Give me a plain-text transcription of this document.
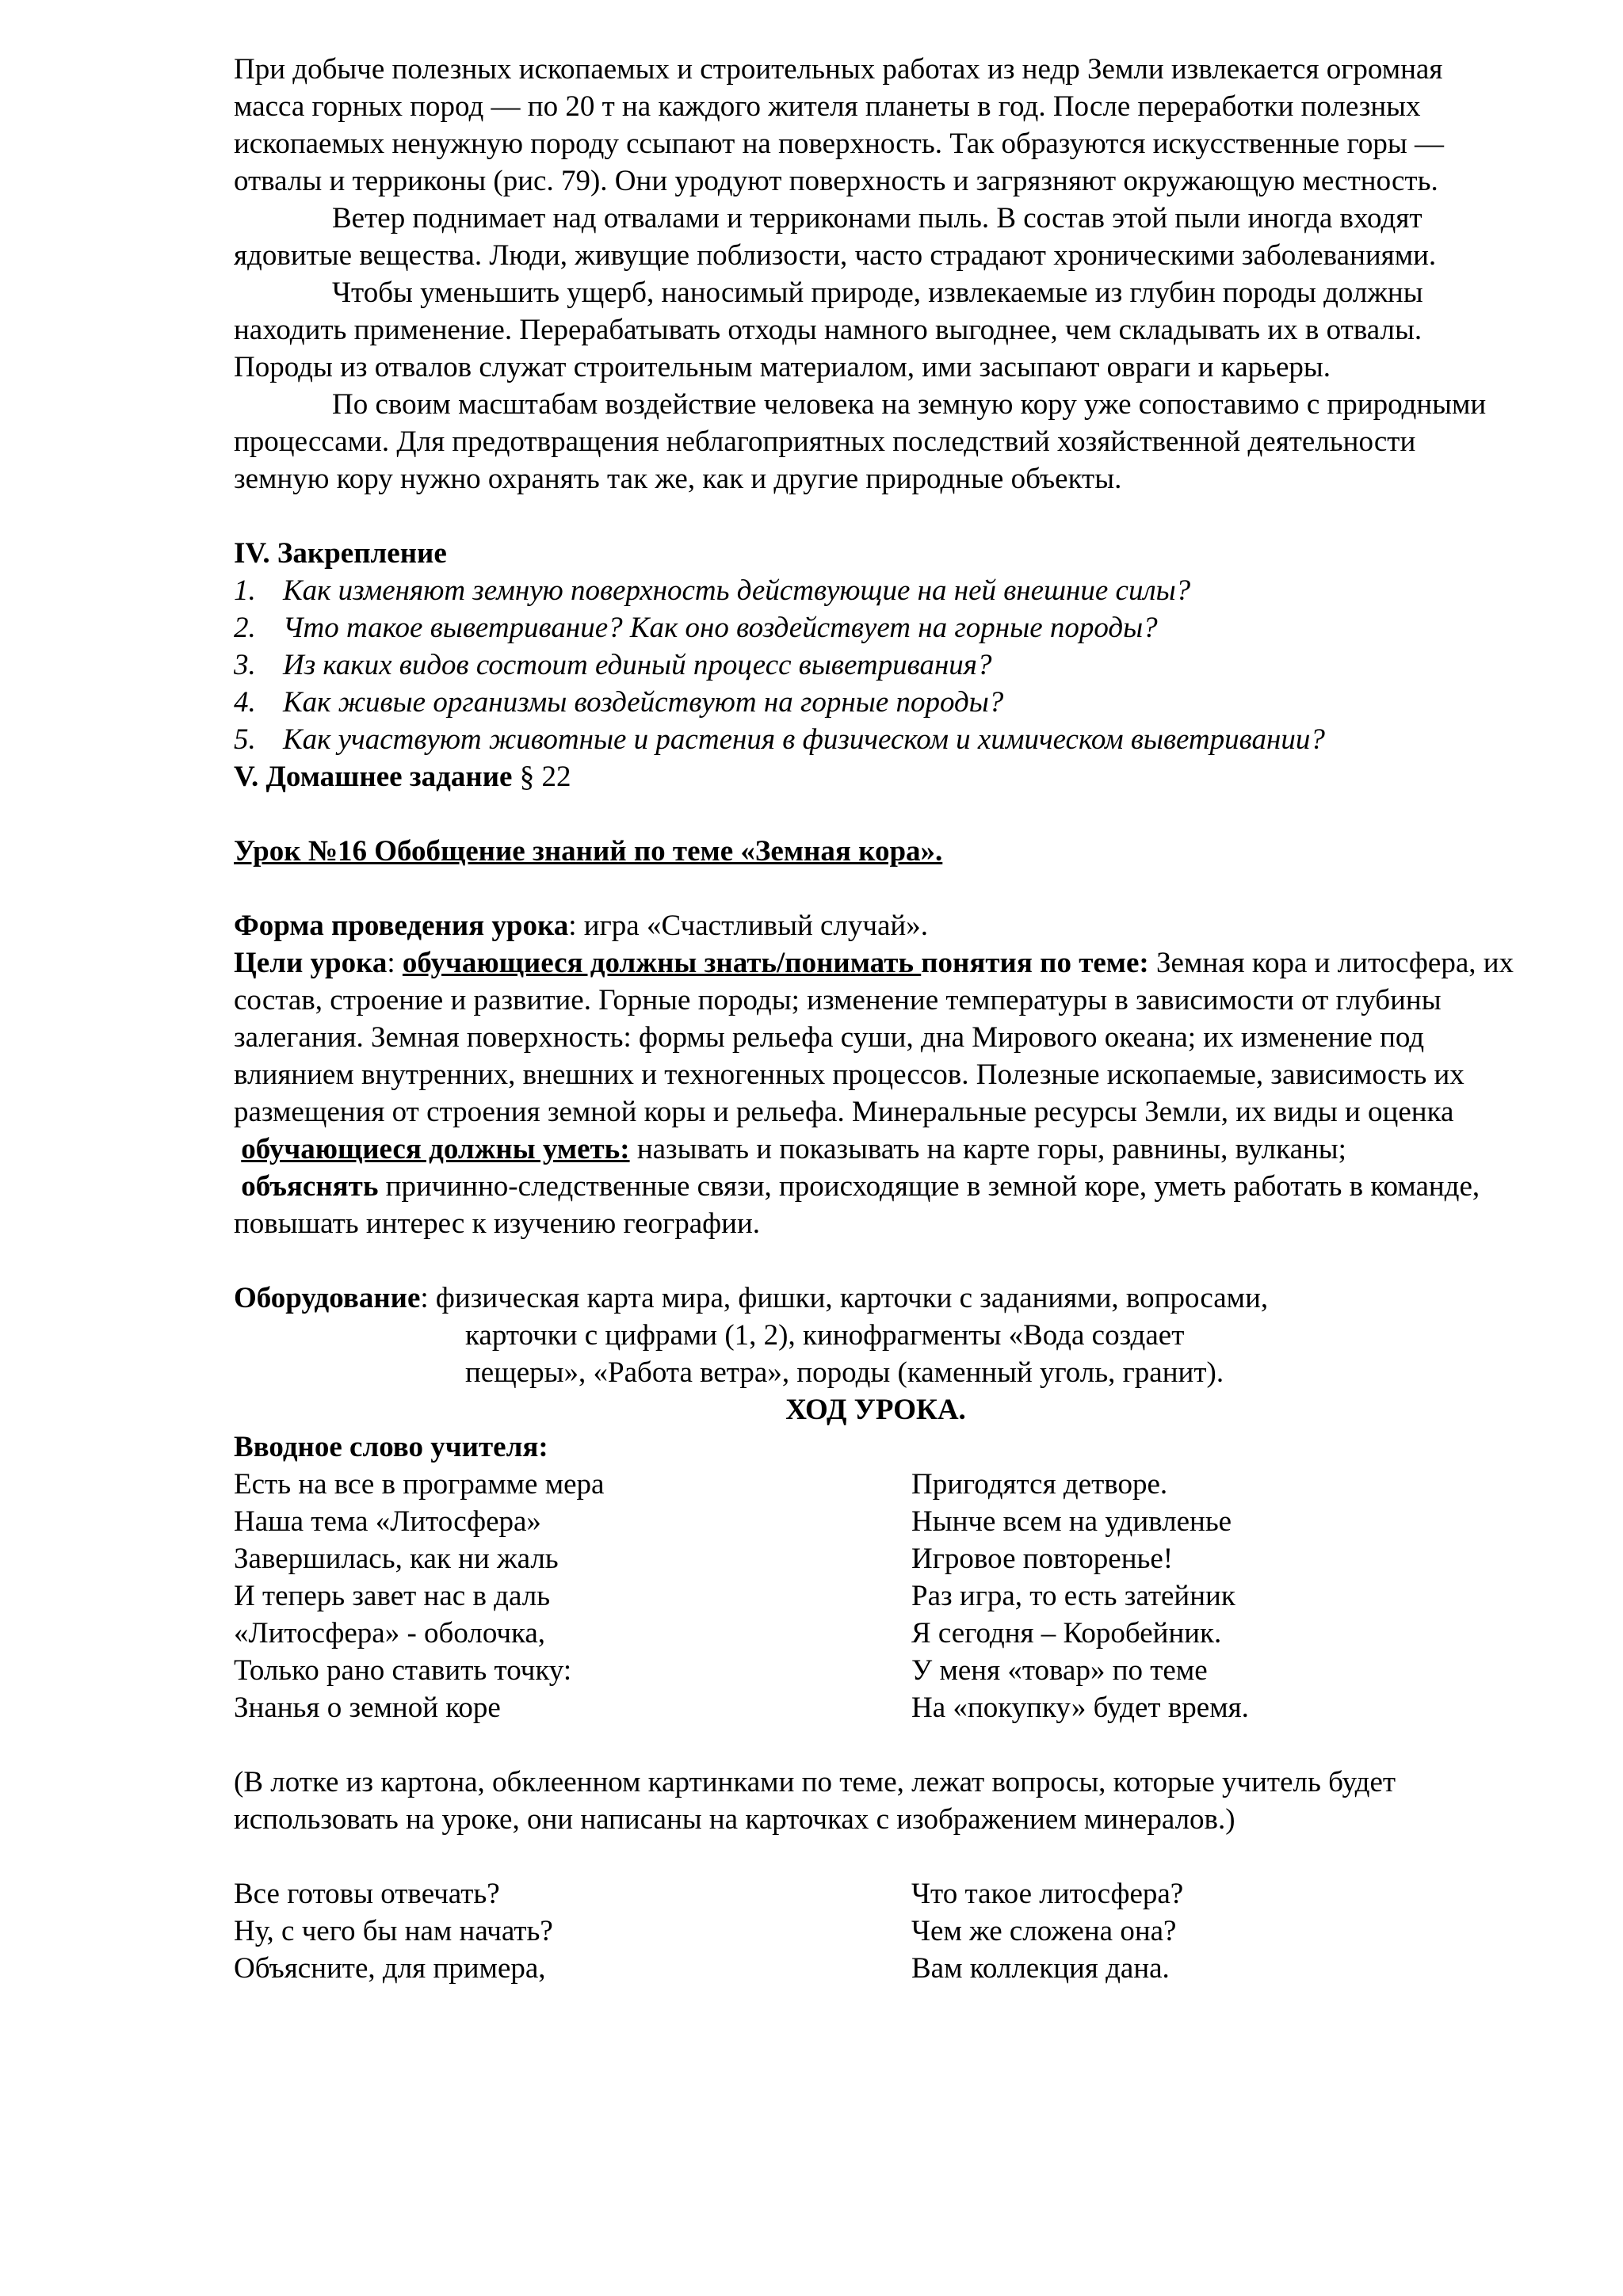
При добыче полезных ископаемых и строительных работах из недр Земли извлекается огромная масса горных пород — по 20 т на каждого жителя планеты в год. После переработки полезных ископаемых ненужную породу ссыпают на поверхность. Так образуются искусственные горы — отвалы и терриконы (рис. 79). Они уродуют поверхность и загрязняют окружающую местность.

Ветер поднимает над отвалами и терриконами пыль. В состав этой пыли иногда входят ядовитые вещества. Люди, живущие поблизости, часто страдают хроническими заболеваниями.

Чтобы уменьшить ущерб, наносимый природе, извлекаемые из глубин породы должны находить применение. Перерабатывать отходы намного выгоднее, чем складывать их в отвалы. Породы из отвалов служат строительным материалом, ими засыпают овраги и карьеры.

По своим масштабам воздействие человека на земную кору уже сопоставимо с природными процессами. Для предотвращения неблагоприятных последствий хозяйственной деятельности земную кору нужно охранять так же, как и другие природные объекты.

IV. Закрепление

1. Как изменяют земную поверхность действующие на ней внешние силы?
2. Что такое выветривание? Как оно воздействует на горные породы?
3. Из каких видов состоит единый процесс выветривания?
4. Как живые организмы воздействуют на горные породы?
5. Как участвуют животные и растения в физическом и химическом выветривании?

V. Домашнее задание § 22

Урок №16 Обобщение знаний по теме «Земная кора».

Форма проведения урока: игра «Счастливый случай».

Цели урока: обучающиеся должны знать/понимать понятия по теме: Земная кора и литосфера, их состав, строение и развитие. Горные породы; изменение температуры в зависимости от глубины залегания. Земная поверхность: формы рельефа суши, дна Мирового океана; их изменение под влиянием внутренних, внешних и техногенных процессов. Полезные ископаемые, зависимость их размещения от строения земной коры и рельефа. Минеральные ресурсы Земли, их виды и оценка

обучающиеся должны уметь: называть и показывать на карте горы, равнины, вулканы;

объяснять причинно-следственные связи, происходящие в земной коре, уметь работать в команде, повышать интерес к изучению географии.

Оборудование: физическая карта мира, фишки, карточки с заданиями, вопросами,

карточки с цифрами (1, 2), кинофрагменты «Вода создает

пещеры», «Работа ветра», породы (каменный уголь, гранит).

ХОД УРОКА.

Вводное слово учителя:

Есть на все в программе мера	Пригодятся детворе.
Наша тема «Литосфера»	Нынче всем на удивленье
Завершилась, как ни жаль	Игровое повторенье!
И теперь завет нас в даль	Раз игра, то есть затейник
«Литосфера» - оболочка,	Я сегодня – Коробейник.
Только рано ставить точку:	У меня «товар» по теме
Знанья о земной коре	На «покупку» будет время.

(В лотке из картона, обклеенном картинками по теме, лежат вопросы, которые учитель будет использовать на уроке, они написаны на карточках с изображением минералов.)

Все готовы отвечать?	Что такое литосфера?
Ну, с чего бы нам начать?	Чем же сложена она?
Объясните, для примера,	Вам коллекция дана.
